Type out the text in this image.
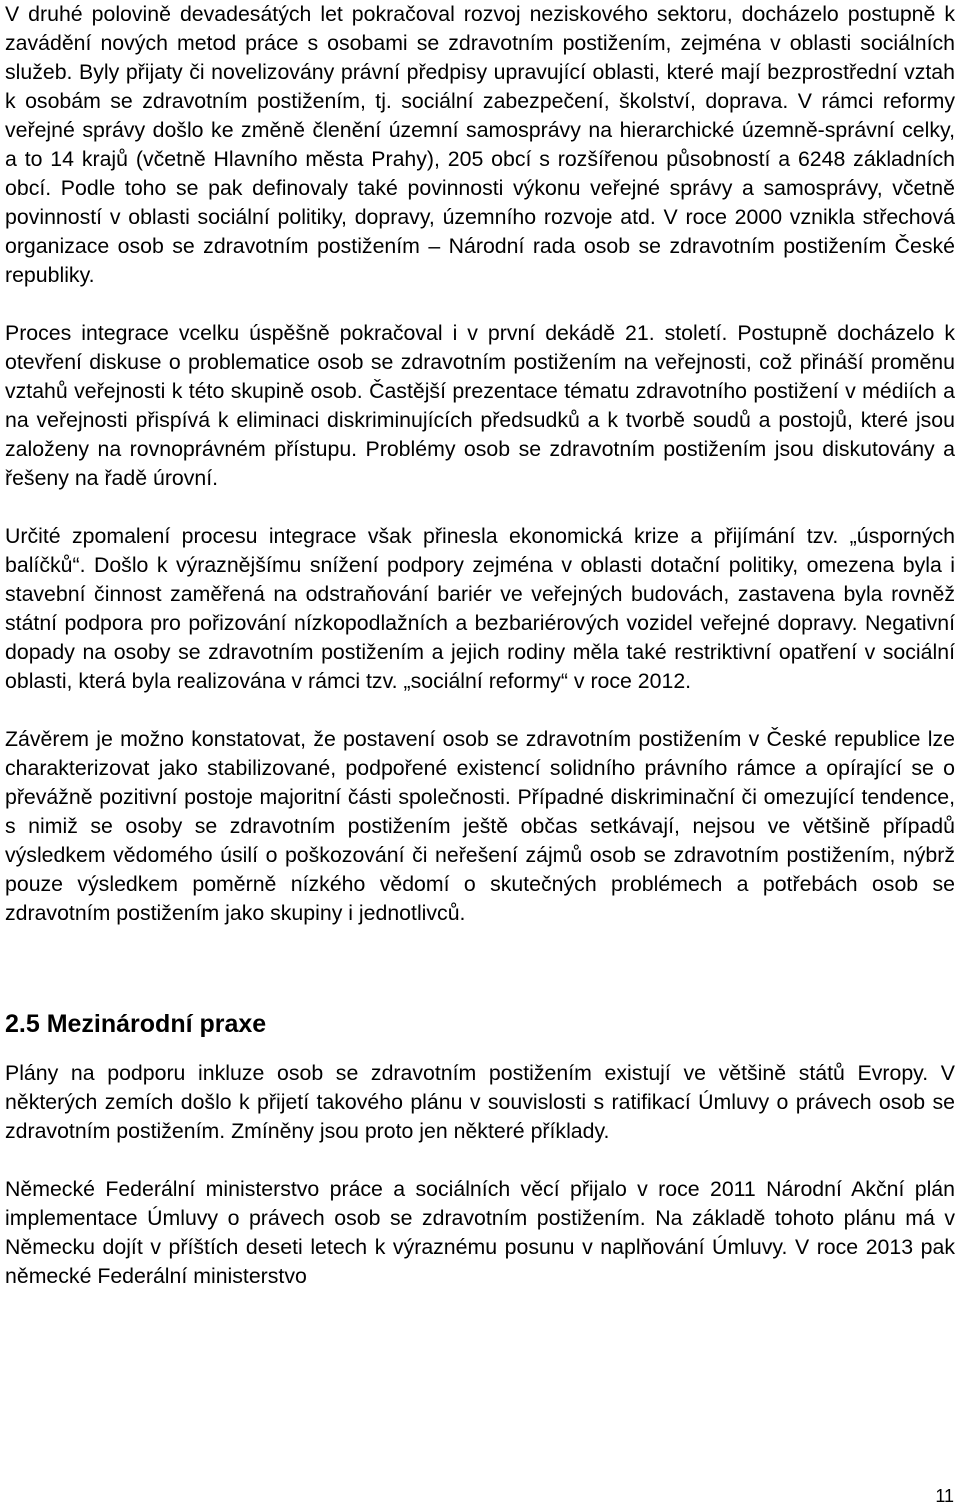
V druhé polovině devadesátých let pokračoval rozvoj neziskového sektoru, docházelo postupně k zavádění nových metod práce s osobami se zdravotním postižením, zejména v oblasti sociálních služeb. Byly přijaty či novelizovány právní předpisy upravující oblasti, které mají bezprostřední vztah k osobám se zdravotním postižením, tj. sociální zabezpečení, školství, doprava. V rámci reformy veřejné správy došlo ke změně členění územní samosprávy na hierarchické územně-správní celky, a to 14 krajů (včetně Hlavního města Prahy), 205 obcí s rozšířenou působností a 6248 základních obcí. Podle toho se pak definovaly také povinnosti výkonu veřejné správy a samosprávy, včetně povinností v oblasti sociální politiky, dopravy, územního rozvoje atd. V roce 2000 vznikla střechová organizace osob se zdravotním postižením – Národní rada osob se zdravotním postižením České republiky.

Proces integrace vcelku úspěšně pokračoval i v první dekádě 21. století. Postupně docházelo k otevření diskuse o problematice osob se zdravotním postižením na veřejnosti, což přináší proměnu vztahů veřejnosti k této skupině osob. Častější prezentace tématu zdravotního postižení v médiích a na veřejnosti přispívá k eliminaci diskriminujících předsudků a k tvorbě soudů a postojů, které jsou založeny na rovnoprávném přístupu. Problémy osob se zdravotním postižením jsou diskutovány a řešeny na řadě úrovní.

Určité zpomalení procesu integrace však přinesla ekonomická krize a přijímání tzv. „úsporných balíčků“. Došlo k výraznějšímu snížení podpory zejména v oblasti dotační politiky, omezena byla i stavební činnost zaměřená na odstraňování bariér ve veřejných budovách, zastavena byla rovněž státní podpora pro pořizování nízkopodlažních a bezbariérových vozidel veřejné dopravy. Negativní dopady na osoby se zdravotním postižením a jejich rodiny měla také restriktivní opatření v sociální oblasti, která byla realizována v rámci tzv. „sociální reformy“ v roce 2012.

Závěrem je možno konstatovat, že postavení osob se zdravotním postižením v České republice lze charakterizovat jako stabilizované, podpořené existencí solidního právního rámce a opírající se o převážně pozitivní postoje majoritní části společnosti. Případné diskriminační či omezující tendence, s nimiž se osoby se zdravotním postižením ještě občas setkávají, nejsou ve většině případů výsledkem vědomého úsilí o poškozování či neřešení zájmů osob se zdravotním postižením, nýbrž pouze výsledkem poměrně nízkého vědomí o skutečných problémech a potřebách osob se zdravotním postižením jako skupiny i jednotlivců.

2.5 Mezinárodní praxe

Plány na podporu inkluze osob se zdravotním postižením existují ve většině států Evropy. V některých zemích došlo k přijetí takového plánu v souvislosti s ratifikací Úmluvy o právech osob se zdravotním postižením. Zmíněny jsou proto jen některé příklady.

Německé Federální ministerstvo práce a sociálních věcí přijalo v roce 2011 Národní Akční plán implementace Úmluvy o právech osob se zdravotním postižením. Na základě tohoto plánu má v Německu dojít v příštích deseti letech k výraznému posunu v naplňování Úmluvy. V roce 2013 pak německé Federální ministerstvo

11
